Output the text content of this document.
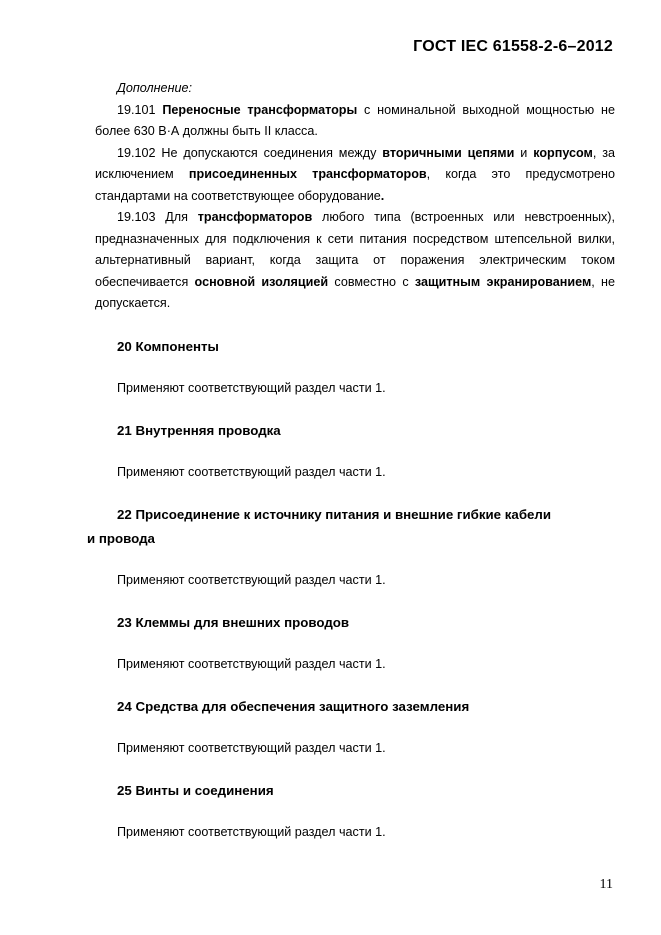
ГОСТ IEC 61558-2-6–2012

Дополнение:

19.101 Переносные трансформаторы с номинальной выходной мощностью не

более 630 В·А должны быть II класса.

19.102 Не допускаются соединения между вторичными цепями и корпусом, за

исключением присоединенных трансформаторов, когда это предусмотрено

стандартами на соответствующее оборудование.

19.103 Для трансформаторов любого типа (встроенных или невстроенных),

предназначенных для подключения к сети питания посредством штепсельной вилки,

альтернативный вариант, когда защита от поражения электрическим током

обеспечивается основной изоляцией совместно с защитным экранированием, не

допускается.

20 Компоненты

Применяют соответствующий раздел части 1.

21 Внутренняя проводка

Применяют соответствующий раздел части 1.

22 Присоединение к источнику питания и внешние гибкие кабели

и провода

Применяют соответствующий раздел части 1.

23 Клеммы для внешних проводов

Применяют соответствующий раздел части 1.

24 Средства для обеспечения защитного заземления

Применяют соответствующий раздел части 1.

25 Винты и соединения

Применяют соответствующий раздел части 1.

11
